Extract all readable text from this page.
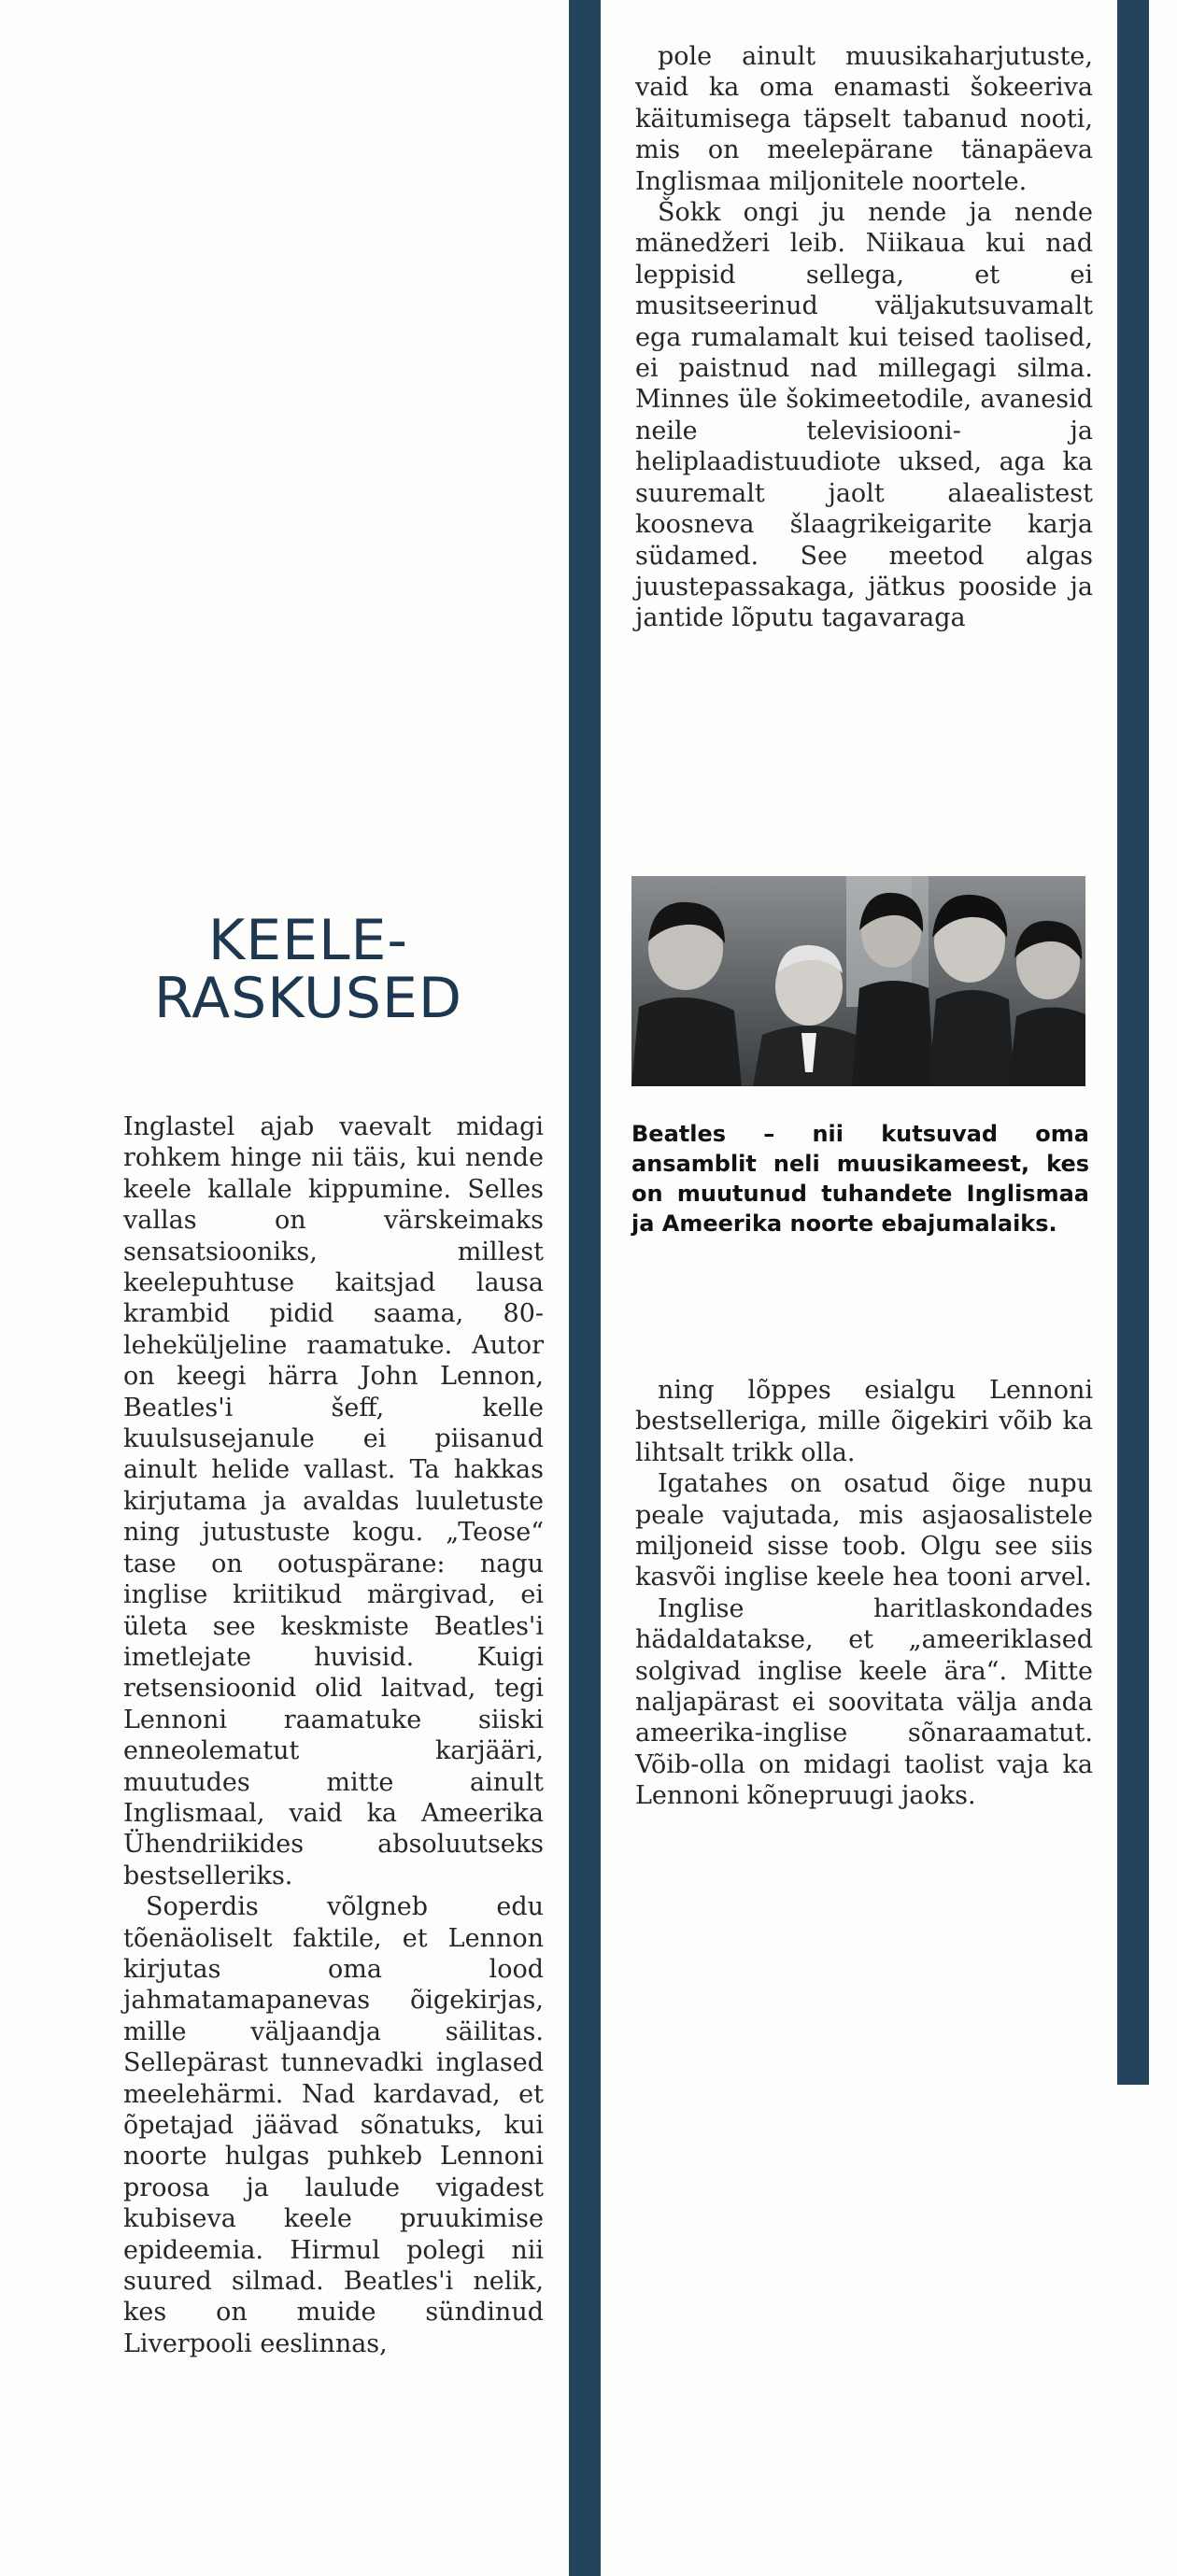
pole ainult muusikaharjutuste, vaid ka oma enamasti šokeeriva käitumisega täpselt tabanud nooti, mis on meelepärane tänapäeva Inglismaa miljonitele noortele.

Šokk ongi ju nende ja nende mänedžeri leib. Niikaua kui nad leppisid sellega, et ei musitseerinud väljakutsuvamalt ega rumalamalt kui teised taolised, ei paistnud nad millegagi silma. Minnes üle šokimeetodile, avanesid neile televisiooni- ja heliplaadistuudiote uksed, aga ka suuremalt jaolt alaealistest koosneva šlaagrikeigarite karja südamed. See meetod algas juustepassakaga, jätkus pooside ja jantide lõputu tagavaraga

KEELE-
RASKUSED

Beatles – nii kutsuvad oma ansamblit neli muusikameest, kes on muutunud tuhandete Inglismaa ja Ameerika noorte ebajumalaiks.

ning lõppes esialgu Lennoni bestselleriga, mille õigekiri võib ka lihtsalt trikk olla.

Igatahes on osatud õige nupu peale vajutada, mis asjaosalistele miljoneid sisse toob. Olgu see siis kasvõi inglise keele hea tooni arvel.

Inglise haritlaskondades hädaldatakse, et „ameeriklased solgivad inglise keele ära“. Mitte naljapärast ei soovitata välja anda ameerika-inglise sõnaraamatut. Võib-olla on midagi taolist vaja ka Lennoni kõnepruugi jaoks.

Inglastel ajab vaevalt midagi rohkem hinge nii täis, kui nende keele kallale kippumine. Selles vallas on värskeimaks sensatsiooniks, millest keelepuhtuse kaitsjad lausa krambid pidid saama, 80-leheküljeline raamatuke. Autor on keegi härra John Lennon, Beatles'i šeff, kelle kuulsusejanule ei piisanud ainult helide vallast. Ta hakkas kirjutama ja avaldas luuletuste ning jutustuste kogu. „Teose“ tase on ootuspärane: nagu inglise kriitikud märgivad, ei ületa see keskmiste Beatles'i imetlejate huvisid. Kuigi retsensioonid olid laitvad, tegi Lennoni raamatuke siiski enneolematut karjääri, muutudes mitte ainult Inglismaal, vaid ka Ameerika Ühendriikides absoluutseks bestselleriks.

Soperdis võlgneb edu tõenäoliselt faktile, et Lennon kirjutas oma lood jahmatamapanevas õigekirjas, mille väljaandja säilitas. Sellepärast tunnevadki inglased meelehärmi. Nad kardavad, et õpetajad jäävad sõnatuks, kui noorte hulgas puhkeb Lennoni proosa ja laulude vigadest kubiseva keele pruukimise epideemia. Hirmul polegi nii suured silmad. Beatles'i nelik, kes on muide sündinud Liverpooli eeslinnas,
